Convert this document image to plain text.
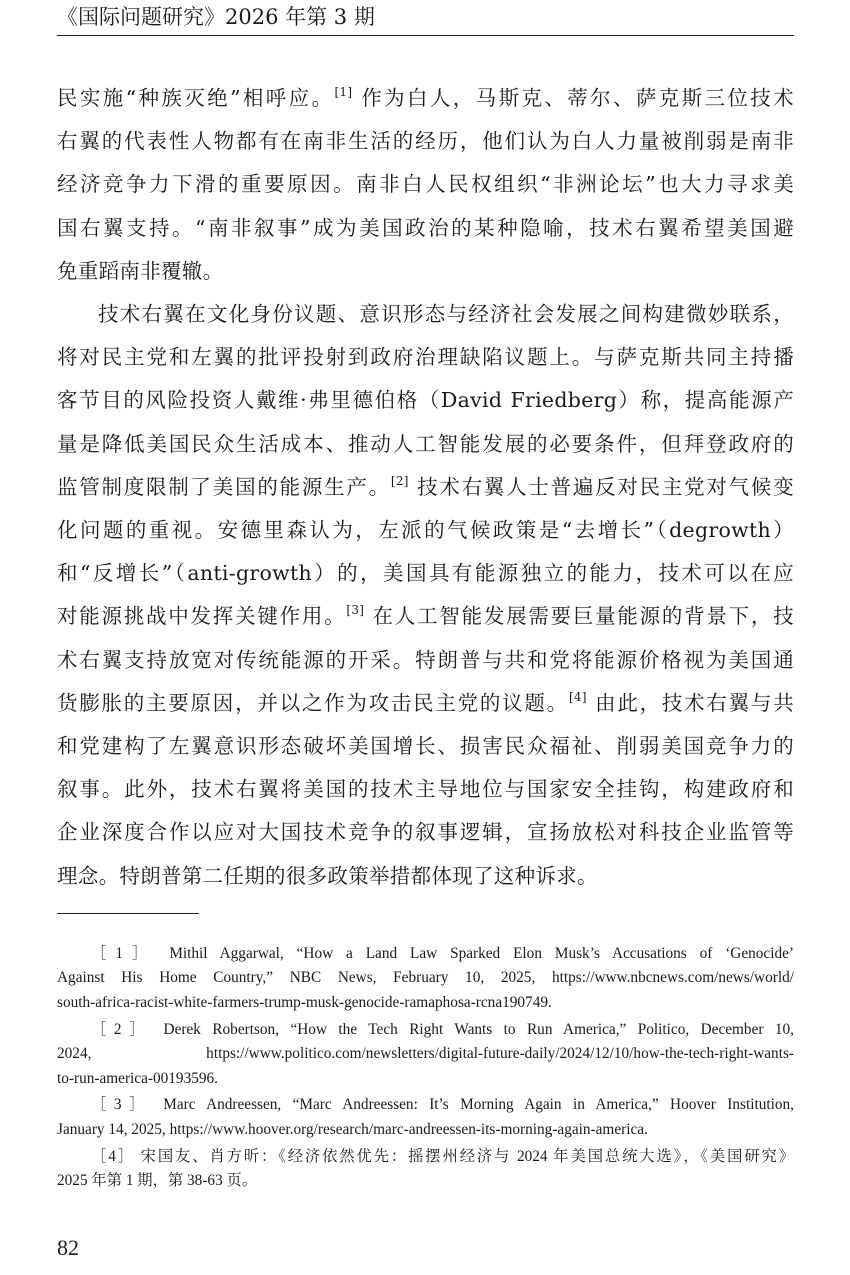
《国际问题研究》2026 年第 3 期

民实施“种族灭绝”相呼应。[1] 作为白人，马斯克、蒂尔、萨克斯三位技术
右翼的代表性人物都有在南非生活的经历，他们认为白人力量被削弱是南非
经济竞争力下滑的重要原因。南非白人民权组织“非洲论坛”也大力寻求美
国右翼支持。“南非叙事”成为美国政治的某种隐喻，技术右翼希望美国避
免重蹈南非覆辙。

技术右翼在文化身份议题、意识形态与经济社会发展之间构建微妙联系，
将对民主党和左翼的批评投射到政府治理缺陷议题上。与萨克斯共同主持播
客节目的风险投资人戴维·弗里德伯格（David Friedberg）称，提高能源产
量是降低美国民众生活成本、推动人工智能发展的必要条件，但拜登政府的
监管制度限制了美国的能源生产。[2] 技术右翼人士普遍反对民主党对气候变
化问题的重视。安德里森认为，左派的气候政策是“去增长”（degrowth）
和“反增长”（anti-growth）的，美国具有能源独立的能力，技术可以在应
对能源挑战中发挥关键作用。[3] 在人工智能发展需要巨量能源的背景下，技
术右翼支持放宽对传统能源的开采。特朗普与共和党将能源价格视为美国通
货膨胀的主要原因，并以之作为攻击民主党的议题。[4] 由此，技术右翼与共
和党建构了左翼意识形态破坏美国增长、损害民众福祉、削弱美国竞争力的
叙事。此外，技术右翼将美国的技术主导地位与国家安全挂钩，构建政府和
企业深度合作以应对大国技术竞争的叙事逻辑，宣扬放松对科技企业监管等
理念。特朗普第二任期的很多政策举措都体现了这种诉求。

［1］ Mithil Aggarwal, “How a Land Law Sparked Elon Musk’s Accusations of ‘Genocide’
Against His Home Country,” NBC News, February 10, 2025, https://www.nbcnews.com/news/world/
south-africa-racist-white-farmers-trump-musk-genocide-ramaphosa-rcna190749.
［2］ Derek Robertson, “How the Tech Right Wants to Run America,” Politico, December 10,
2024, https://www.politico.com/newsletters/digital-future-daily/2024/12/10/how-the-tech-right-wants-
to-run-america-00193596.
［3］ Marc Andreessen, “Marc Andreessen: It’s Morning Again in America,” Hoover Institution,
January 14, 2025, https://www.hoover.org/research/marc-andreessen-its-morning-again-america.
［4］ 宋国友、肖方昕：《经济依然优先：摇摆州经济与 2024 年美国总统大选》，《美国研究》
2025 年第 1 期，第 38-63 页。
82
